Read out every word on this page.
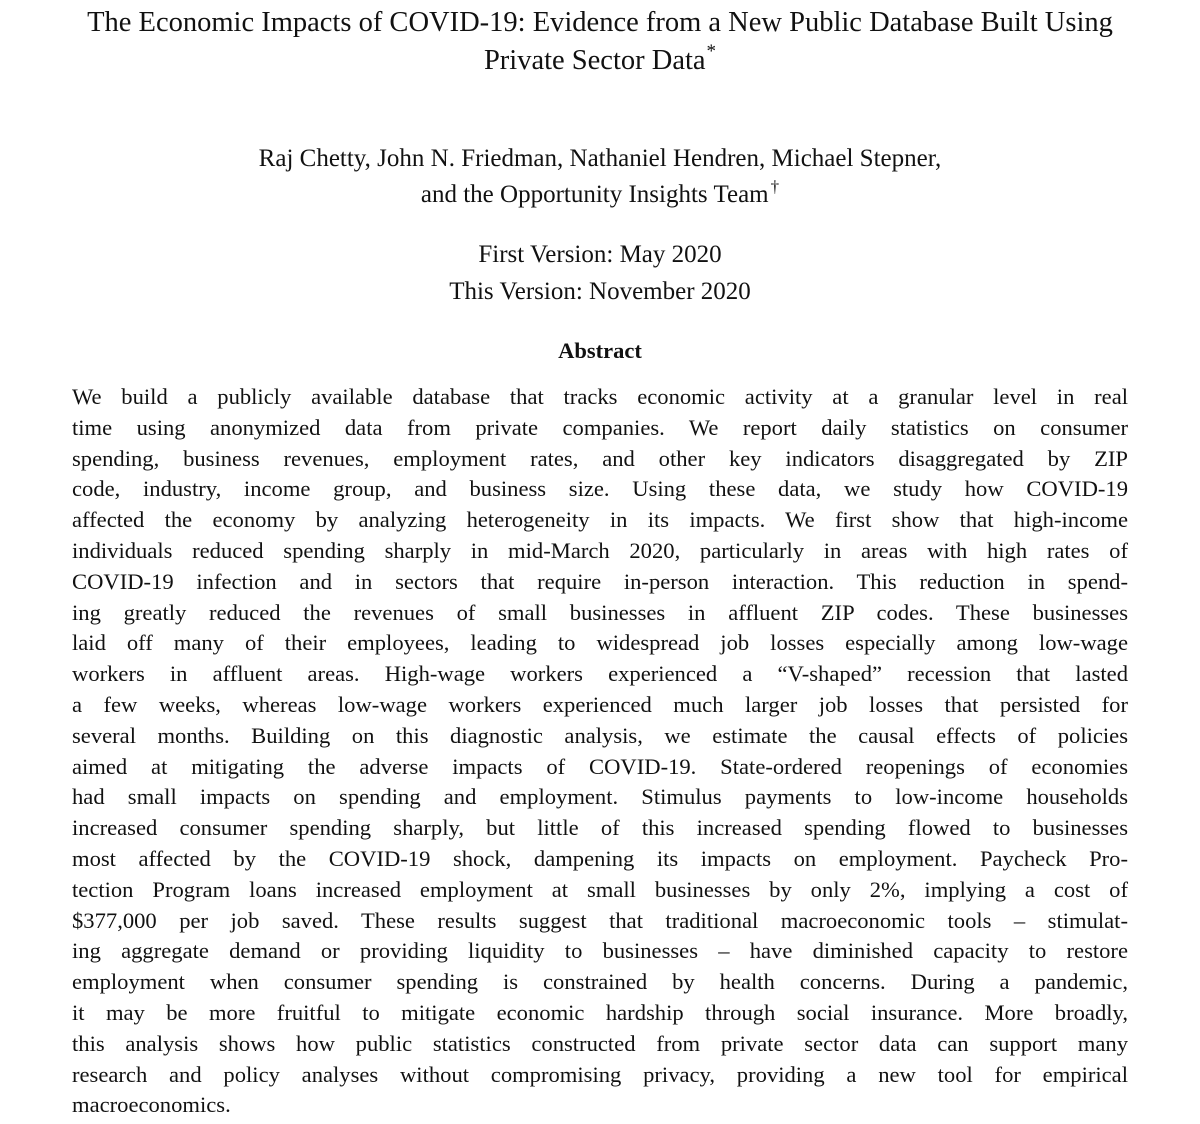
The Economic Impacts of COVID-19: Evidence from a New Public Database Built Using
Private Sector Data*
Raj Chetty, John N. Friedman, Nathaniel Hendren, Michael Stepner,
and the Opportunity Insights Team †
First Version: May 2020
This Version: November 2020
Abstract
We build a publicly available database that tracks economic activity at a granular level in real
time using anonymized data from private companies. We report daily statistics on consumer
spending, business revenues, employment rates, and other key indicators disaggregated by ZIP
code, industry, income group, and business size. Using these data, we study how COVID-19
affected the economy by analyzing heterogeneity in its impacts. We first show that high-income
individuals reduced spending sharply in mid-March 2020, particularly in areas with high rates of
COVID-19 infection and in sectors that require in-person interaction. This reduction in spend-
ing greatly reduced the revenues of small businesses in affluent ZIP codes. These businesses
laid off many of their employees, leading to widespread job losses especially among low-wage
workers in affluent areas. High-wage workers experienced a “V-shaped” recession that lasted
a few weeks, whereas low-wage workers experienced much larger job losses that persisted for
several months. Building on this diagnostic analysis, we estimate the causal effects of policies
aimed at mitigating the adverse impacts of COVID-19. State-ordered reopenings of economies
had small impacts on spending and employment. Stimulus payments to low-income households
increased consumer spending sharply, but little of this increased spending flowed to businesses
most affected by the COVID-19 shock, dampening its impacts on employment. Paycheck Pro-
tection Program loans increased employment at small businesses by only 2%, implying a cost of
$377,000 per job saved. These results suggest that traditional macroeconomic tools – stimulat-
ing aggregate demand or providing liquidity to businesses – have diminished capacity to restore
employment when consumer spending is constrained by health concerns. During a pandemic,
it may be more fruitful to mitigate economic hardship through social insurance. More broadly,
this analysis shows how public statistics constructed from private sector data can support many
research and policy analyses without compromising privacy, providing a new tool for empirical
macroeconomics.
